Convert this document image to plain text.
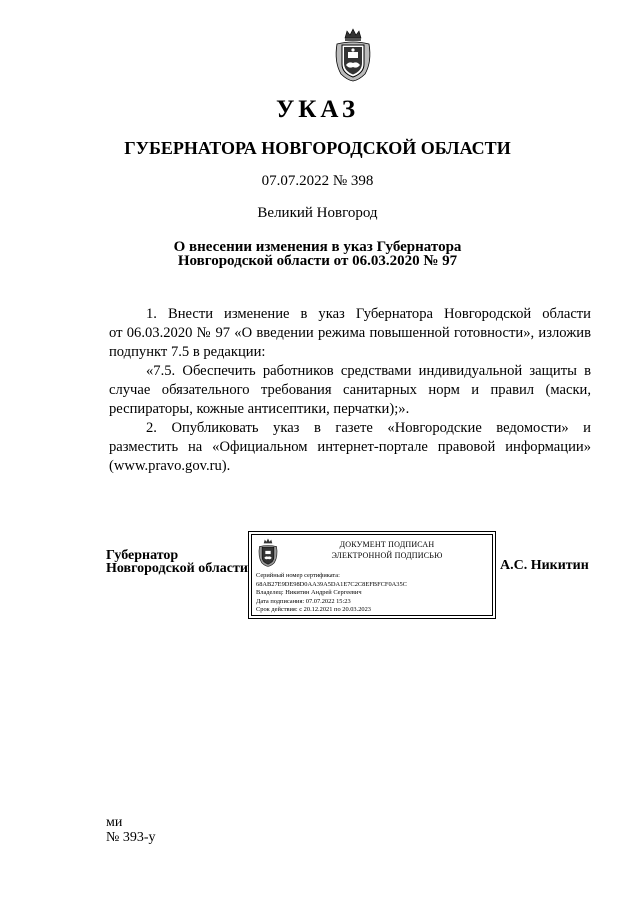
УКАЗ
ГУБЕРНАТОРА НОВГОРОДСКОЙ ОБЛАСТИ
07.07.2022 № 398
Великий Новгород
О внесении изменения в указ Губернатора
Новгородской области от 06.03.2020 № 97
1. Внести изменение в указ Губернатора Новгородской области
от 06.03.2020 № 97 «О введении режима повышенной готовности», изложив
подпункт 7.5 в редакции:
«7.5. Обеспечить работников средствами индивидуальной защиты в
случае обязательного требования санитарных норм и правил (маски,
респираторы, кожные антисептики, перчатки);».
2. Опубликовать указ в газете «Новгородские ведомости» и
разместить на «Официальном интернет-портале правовой информации»
(www.pravo.gov.ru).
Губернатор
Новгородской области
ДОКУМЕНТ ПОДПИСАН
ЭЛЕКТРОННОЙ ПОДПИСЬЮ
Серийный номер сертификата:
68AB27E9DE98D0AA39A5DA1E7C2C8EFBFCF0A35C
Владелец: Никитин Андрей Сергеевич
Дата подписания: 07.07.2022 15:23
Срок действия: с 20.12.2021 по 20.03.2023
А.С. Никитин
ми
№ 393-у
